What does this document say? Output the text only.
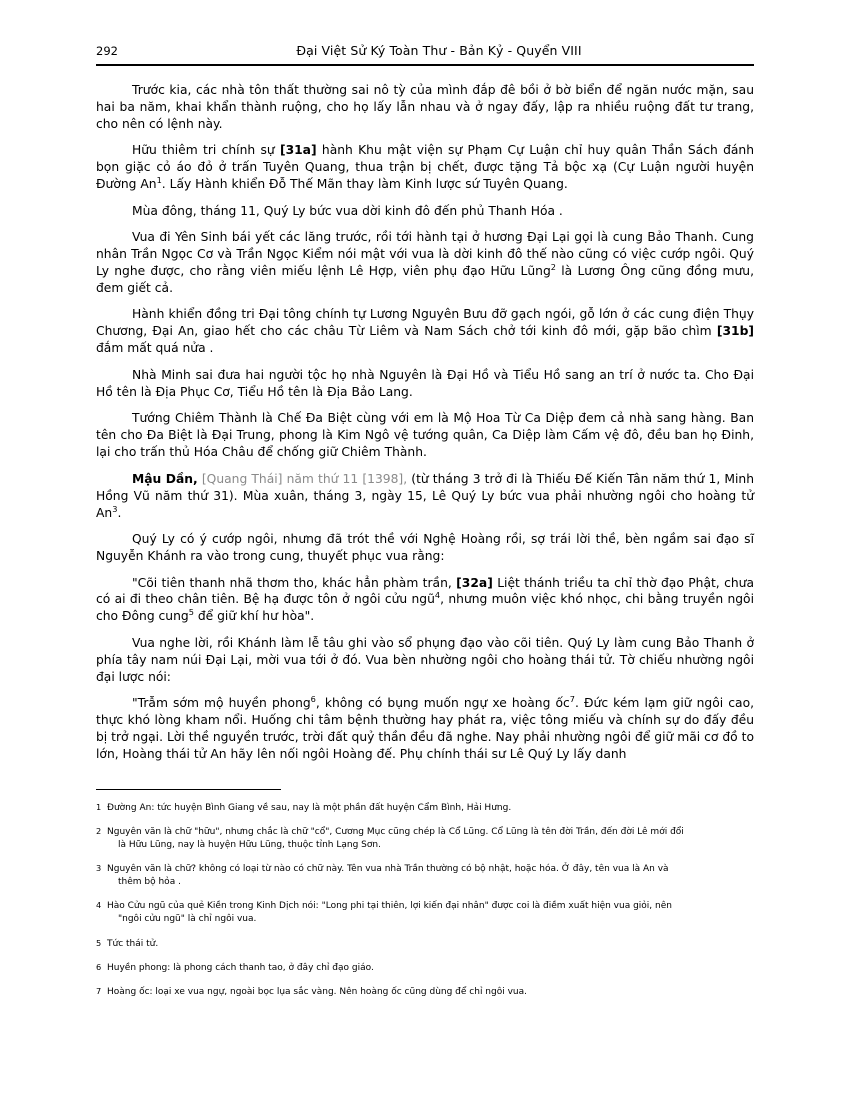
292	Đại Việt Sử Ký Toàn Thư - Bản Kỷ - Quyển VIII

Trước kia, các nhà tôn thất thường sai nô tỳ của mình đắp đê bồi ở bờ biển để ngăn nước mặn, sau hai ba năm, khai khẩn thành ruộng, cho họ lấy lẫn nhau và ở ngay đấy, lập ra nhiều ruộng đất tư trang, cho nên có lệnh này.

Hữu thiêm tri chính sự [31a] hành Khu mật viện sự Phạm Cự Luận chỉ huy quân Thần Sách đánh bọn giặc cỏ áo đỏ ở trấn Tuyên Quang, thua trận bị chết, được tặng Tả bộc xạ (Cự Luận người huyện Đường An$^1$. Lấy Hành khiển Đỗ Thế Mãn thay làm Kinh lược sứ Tuyên Quang.

Mùa đông, tháng 11, Quý Ly bức vua dời kinh đô đến phủ Thanh Hóa .

Vua đi Yên Sinh bái yết các lăng trước, rồi tới hành tại ở hương Đại Lại gọi là cung Bảo Thanh. Cung nhân Trần Ngọc Cơ và Trần Ngọc Kiểm nói mật với vua là dời kinh đô thế nào cũng có việc cướp ngôi. Quý Ly nghe được, cho rằng viên miếu lệnh Lê Hợp, viên phụ đạo Hữu Lũng$^2$ là Lương Ông cũng đồng mưu, đem giết cả.

Hành khiển đồng tri Đại tông chính tự Lương Nguyên Bưu đỡ gạch ngói, gỗ lớn ở các cung điện Thụy Chương, Đại An, giao hết cho các châu Từ Liêm và Nam Sách chở tới kinh đô mới, gặp bão chìm [31b] đắm mất quá nửa .

Nhà Minh sai đưa hai người tộc họ nhà Nguyên là Đại Hồ và Tiểu Hồ sang an trí ở nước ta. Cho Đại Hồ tên là Địa Phục Cơ, Tiểu Hồ tên là Địa Bảo Lang.

Tướng Chiêm Thành là Chế Đa Biệt cùng với em là Mộ Hoa Từ Ca Diệp đem cả nhà sang hàng. Ban tên cho Đa Biệt là Đại Trung, phong là Kim Ngô vệ tướng quân, Ca Diệp làm Cấm vệ đô, đều ban họ Đinh, lại cho trấn thủ Hóa Châu để chống giữ Chiêm Thành.

Mậu Dần, [Quang Thái] năm thứ 11 [1398], (từ tháng 3 trở đi là Thiếu Đế Kiến Tân năm thứ 1, Minh Hồng Vũ năm thứ 31). Mùa xuân, tháng 3, ngày 15, Lê Quý Ly bức vua phải nhường ngôi cho hoàng tử An$^3$.

Quý Ly có ý cướp ngôi, nhưng đã trót thề với Nghệ Hoàng rồi, sợ trái lời thề, bèn ngầm sai đạo sĩ Nguyễn Khánh ra vào trong cung, thuyết phục vua rằng:

"Cõi tiên thanh nhã thơm tho, khác hẳn phàm trần, [32a] Liệt thánh triều ta chỉ thờ đạo Phật, chưa có ai đi theo chân tiên. Bệ hạ được tôn ở ngôi cửu ngũ$^4$, nhưng muôn việc khó nhọc, chi bằng truyền ngôi cho Đông cung$^5$ để giữ khí hư hòa".

Vua nghe lời, rồi Khánh làm lễ tâu ghi vào sổ phụng đạo vào cõi tiên. Quý Ly làm cung Bảo Thanh ở phía tây nam núi Đại Lại, mời vua tới ở đó. Vua bèn nhường ngôi cho hoàng thái tử. Tờ chiếu nhường ngôi đại lược nói:

"Trẫm sớm mộ huyền phong$^6$, không có bụng muốn ngự xe hoàng ốc$^7$. Đức kém lạm giữ ngôi cao, thực khó lòng kham nổi. Huống chi tâm bệnh thường hay phát ra, việc tông miếu và chính sự do đấy đều bị trở ngại. Lời thề nguyền trước, trời đất quỷ thần đều đã nghe. Nay phải nhường ngôi để giữ mãi cơ đồ to lớn, Hoàng thái tử An hãy lên nối ngôi Hoàng đế. Phụ chính thái sư Lê Quý Ly lấy danh

1 Đường An: tức huyện Bình Giang về sau, nay là một phần đất huyện Cẩm Bình, Hải Hưng.
2 Nguyên văn là chữ "hữu", nhưng chắc là chữ "cổ", Cương Mục cũng chép là Cổ Lũng. Cổ Lũng là tên đời Trần, đến đời Lê mới đổi
là Hữu Lũng, nay là huyện Hữu Lũng, thuộc tỉnh Lạng Sơn.
3 Nguyên văn là chữ? không có loại từ nào có chữ này. Tên vua nhà Trần thường có bộ nhật, hoặc hóa. Ở đây, tên vua là An và
thêm bộ hỏa .
4 Hào Cửu ngũ của quẻ Kiền trong Kinh Dịch nói: "Long phi tại thiên, lợi kiến đại nhân" được coi là điềm xuất hiện vua giỏi, nên
"ngôi cửu ngũ" là chỉ ngôi vua.
5 Tức thái tử.
6 Huyền phong: là phong cách thanh tao, ở đây chỉ đạo giáo.
7 Hoàng ốc: loại xe vua ngự, ngoài bọc lụa sắc vàng. Nên hoàng ốc cũng dùng để chỉ ngôi vua.
